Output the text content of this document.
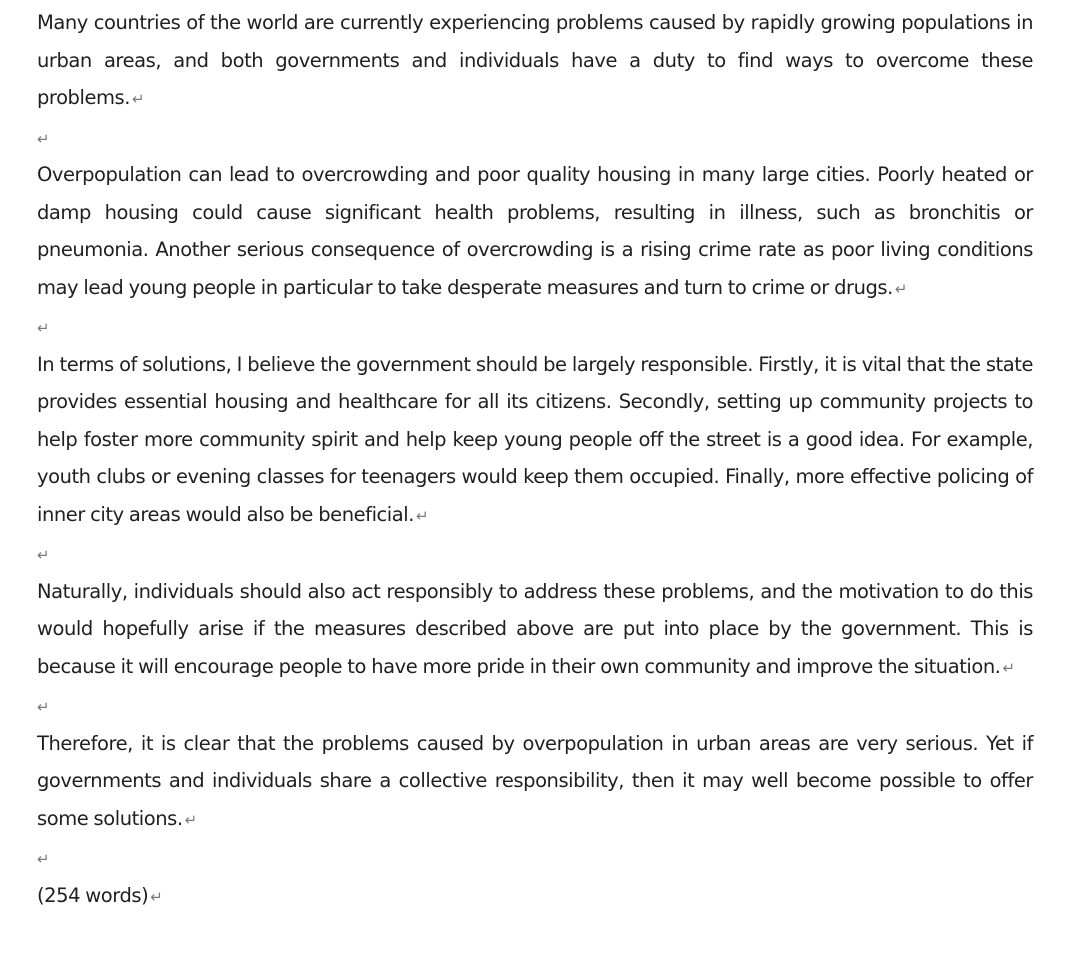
Many countries of the world are currently experiencing problems caused by rapidly growing populations in urban areas, and both governments and individuals have a duty to find ways to overcome these problems. ↵

↵

Overpopulation can lead to overcrowding and poor quality housing in many large cities. Poorly heated or damp housing could cause significant health problems, resulting in illness, such as bronchitis or pneumonia. Another serious consequence of overcrowding is a rising crime rate as poor living conditions may lead young people in particular to take desperate measures and turn to crime or drugs. ↵

↵

In terms of solutions, I believe the government should be largely responsible. Firstly, it is vital that the state provides essential housing and healthcare for all its citizens. Secondly, setting up community projects to help foster more community spirit and help keep young people off the street is a good idea. For example, youth clubs or evening classes for teenagers would keep them occupied. Finally, more effective policing of inner city areas would also be beneficial. ↵

↵

Naturally, individuals should also act responsibly to address these problems, and the motivation to do this would hopefully arise if the measures described above are put into place by the government. This is because it will encourage people to have more pride in their own community and improve the situation. ↵

↵

Therefore, it is clear that the problems caused by overpopulation in urban areas are very serious. Yet if governments and individuals share a collective responsibility, then it may well become possible to offer some solutions. ↵

↵

(254 words) ↵
